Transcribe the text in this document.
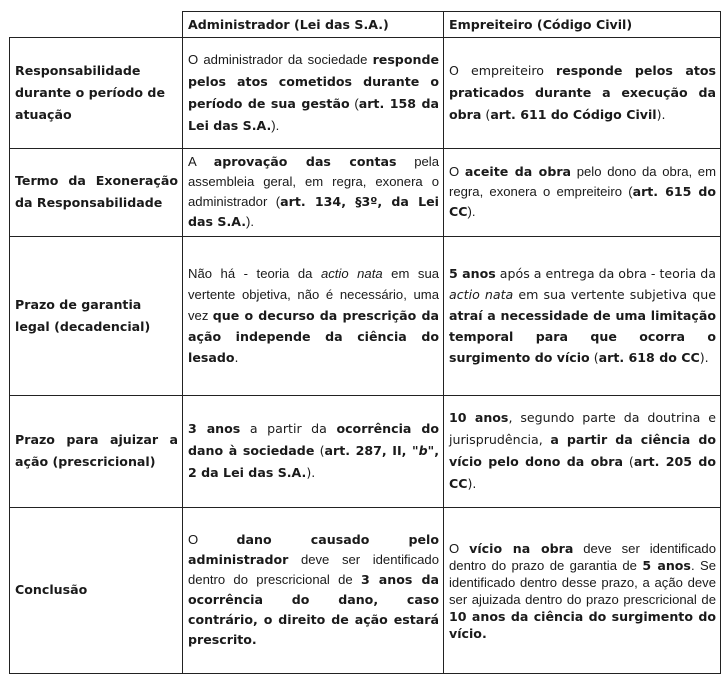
	Administrador (Lei das S.A.)	Empreiteiro (Código Civil)
Responsabilidade durante o período de atuação	O administrador da sociedade responde pelos atos cometidos durante o período de sua gestão (art. 158 da Lei das S.A.).	O empreiteiro responde pelos atos praticados durante a execução da obra (art. 611 do Código Civil).
Termo da Exoneração da Responsabilidade	A aprovação das contas pela assembleia geral, em regra, exonera o administrador (art. 134, §3º, da Lei das S.A.).	O aceite da obra pelo dono da obra, em regra, exonera o empreiteiro (art. 615 do CC).
Prazo de garantia legal (decadencial)	Não há - teoria da actio nata em sua vertente objetiva, não é necessário, uma vez que o decurso da prescrição da ação independe da ciência do lesado.	5 anos após a entrega da obra - teoria da actio nata em sua vertente subjetiva que atraí a necessidade de uma limitação temporal para que ocorra o surgimento do vício (art. 618 do CC).
Prazo para ajuizar a ação (prescricional)	3 anos a partir da ocorrência do dano à sociedade (art. 287, II, "b", 2 da Lei das S.A.).	10 anos, segundo parte da doutrina e jurisprudência, a partir da ciência do vício pelo dono da obra (art. 205 do CC).
Conclusão	O dano causado pelo administrador deve ser identificado dentro do prescricional de 3 anos da ocorrência do dano, caso contrário, o direito de ação estará prescrito.	O vício na obra deve ser identificado dentro do prazo de garantia de 5 anos. Se identificado dentro desse prazo, a ação deve ser ajuizada dentro do prazo prescricional de 10 anos da ciência do surgimento do vício.
